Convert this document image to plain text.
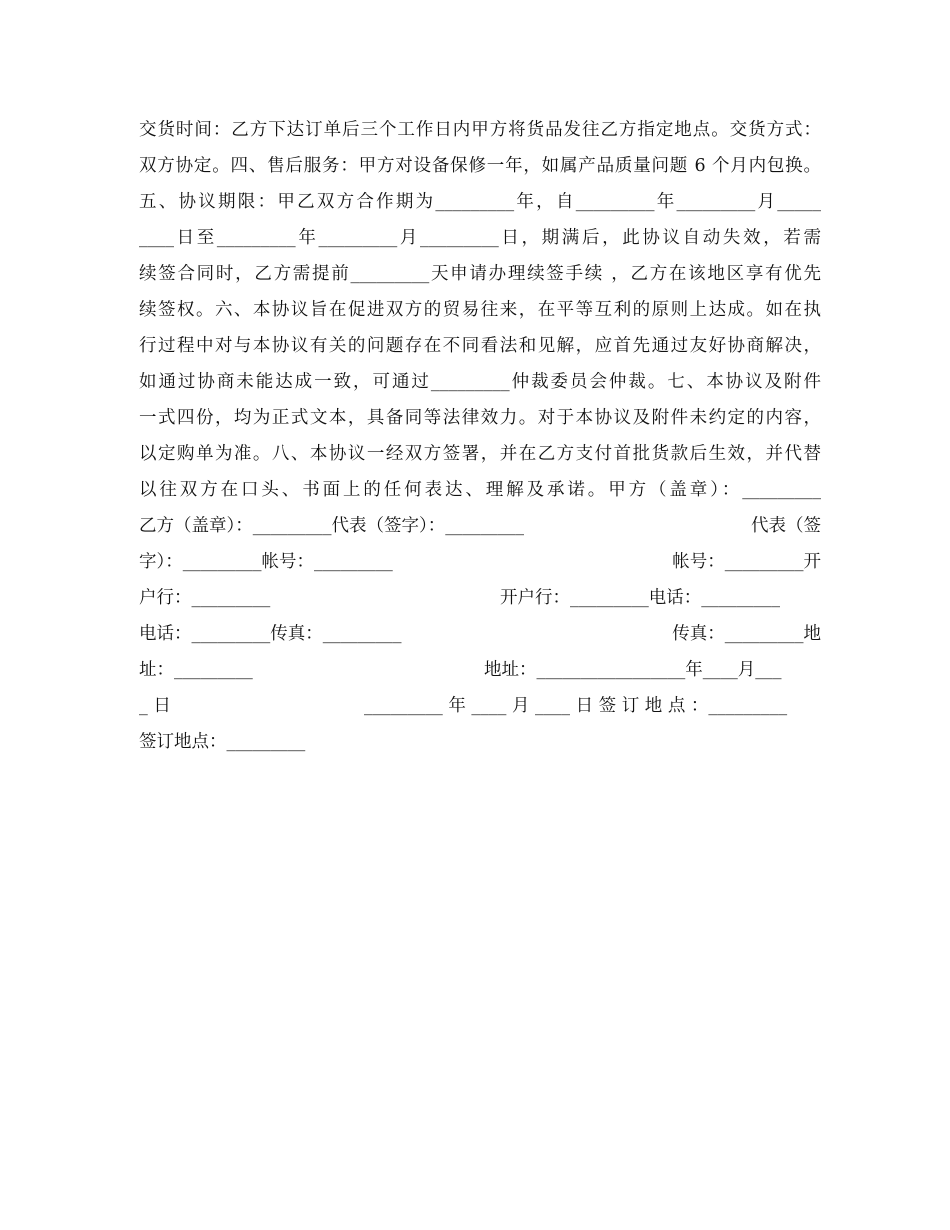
交货时间：乙方下达订单后三个工作日内甲方将货品发往乙方指定地点。交货方式：
双方协定。四、售后服务：甲方对设备保修一年，如属产品质量问题 6 个月内包换。
五、协议期限：甲乙双方合作期为_________年，自_________年_________月_____
____日至_________年_________月_________日，期满后，此协议自动失效，若需
续签合同时，乙方需提前_________天申请办理续签手续 ，乙方在该地区享有优先
续签权。六、本协议旨在促进双方的贸易往来，在平等互利的原则上达成。如在执
行过程中对与本协议有关的问题存在不同看法和见解，应首先通过友好协商解决，
如通过协商未能达成一致，可通过_________仲裁委员会仲裁。七、本协议及附件
一式四份，均为正式文本，具备同等法律效力。对于本协议及附件未约定的内容，
以定购单为准。八、本协议一经双方签署，并在乙方支付首批货款后生效，并代替
以往双方在口头、书面上的任何表达、理解及承诺。甲方（盖章）：_________
乙方（盖章）：_________代表（签字）：_________	代表（签
字）：_________帐号：_________	帐号：_________开
户行：_________	开户行：_________电话：_________
电话：_________传真：_________	传真：_________地
址：_________	地址：_________________年____月___
_ 日	_________ 年 ____ 月 ____ 日 签 订 地 点 ：_________
签订地点：_________
